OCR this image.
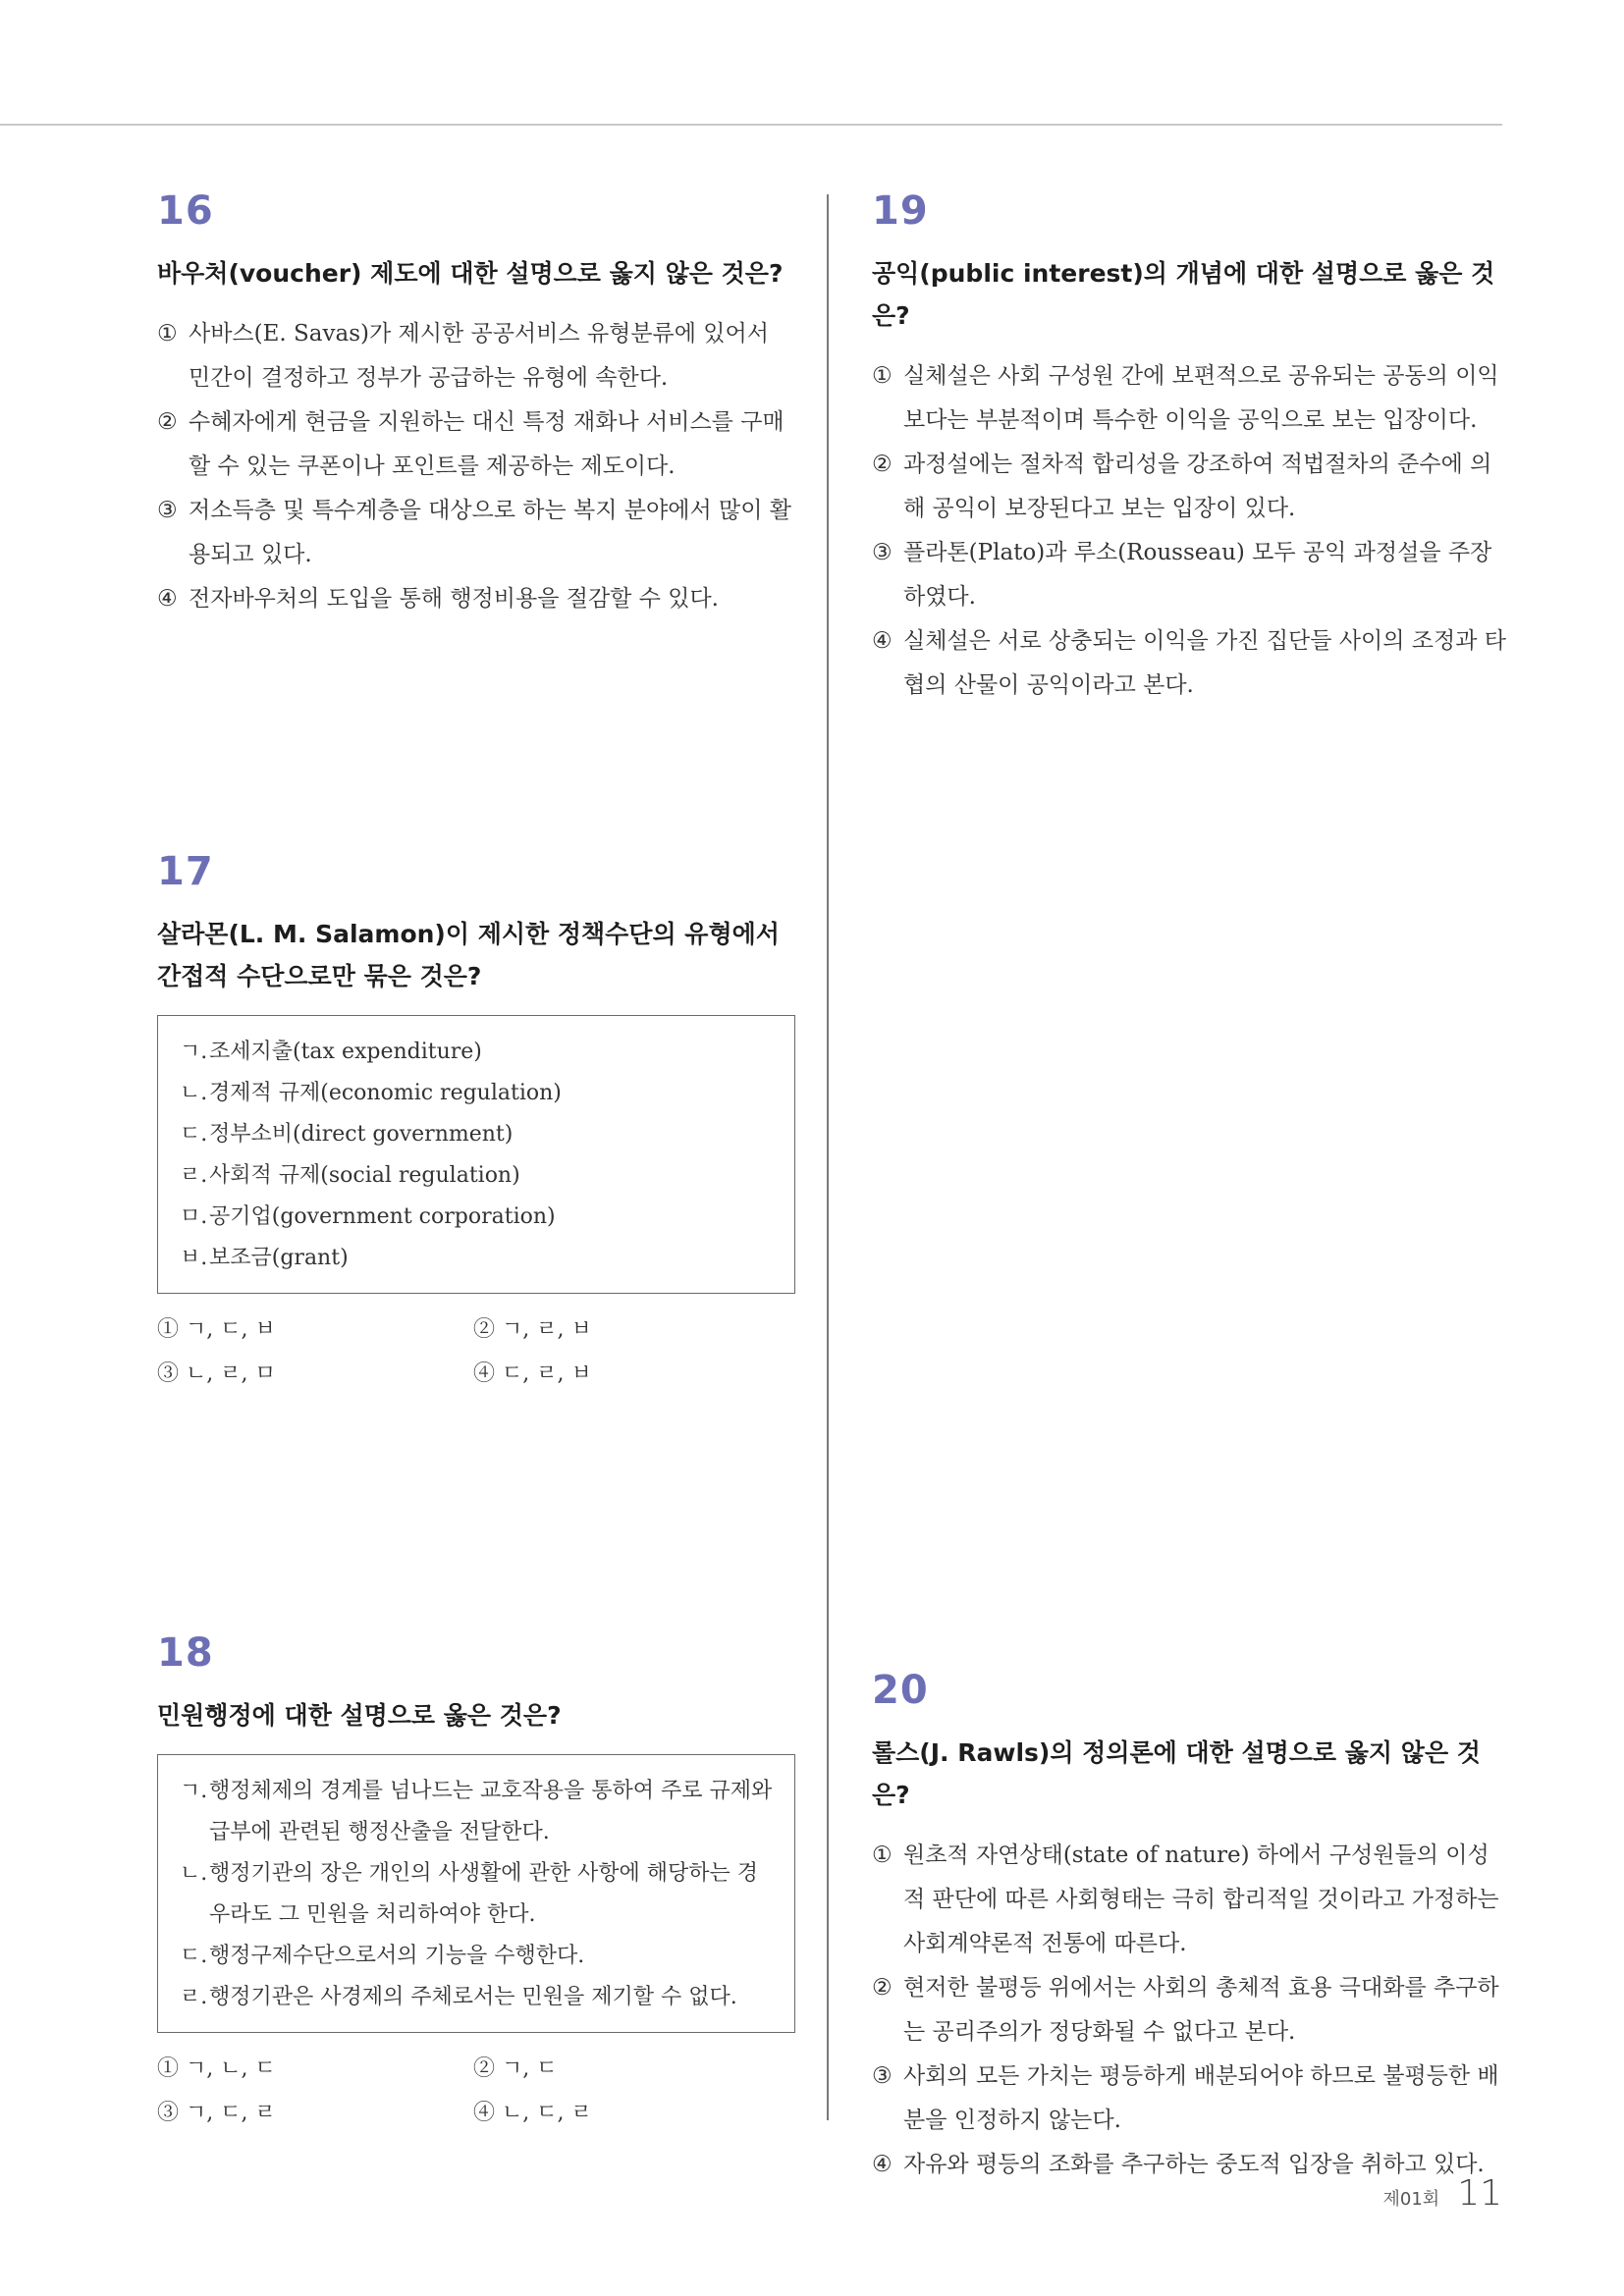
16
바우처(voucher) 제도에 대한 설명으로 옳지 않은 것은?
① 사바스(E. Savas)가 제시한 공공서비스 유형분류에 있어서 민간이 결정하고 정부가 공급하는 유형에 속한다.
② 수혜자에게 현금을 지원하는 대신 특정 재화나 서비스를 구매할 수 있는 쿠폰이나 포인트를 제공하는 제도이다.
③ 저소득층 및 특수계층을 대상으로 하는 복지 분야에서 많이 활용되고 있다.
④ 전자바우처의 도입을 통해 행정비용을 절감할 수 있다.
17
살라몬(L. M. Salamon)이 제시한 정책수단의 유형에서 간접적 수단으로만 묶은 것은?
ㄱ. 조세지출(tax expenditure)
ㄴ. 경제적 규제(economic regulation)
ㄷ. 정부소비(direct government)
ㄹ. 사회적 규제(social regulation)
ㅁ. 공기업(government corporation)
ㅂ. 보조금(grant)
① ㄱ, ㄷ, ㅂ	② ㄱ, ㄹ, ㅂ
③ ㄴ, ㄹ, ㅁ	④ ㄷ, ㄹ, ㅂ
18
민원행정에 대한 설명으로 옳은 것은?
ㄱ. 행정체제의 경계를 넘나드는 교호작용을 통하여 주로 규제와 급부에 관련된 행정산출을 전달한다.
ㄴ. 행정기관의 장은 개인의 사생활에 관한 사항에 해당하는 경우라도 그 민원을 처리하여야 한다.
ㄷ. 행정구제수단으로서의 기능을 수행한다.
ㄹ. 행정기관은 사경제의 주체로서는 민원을 제기할 수 없다.
① ㄱ, ㄴ, ㄷ	② ㄱ, ㄷ
③ ㄱ, ㄷ, ㄹ	④ ㄴ, ㄷ, ㄹ
19
공익(public interest)의 개념에 대한 설명으로 옳은 것은?
① 실체설은 사회 구성원 간에 보편적으로 공유되는 공동의 이익보다는 부분적이며 특수한 이익을 공익으로 보는 입장이다.
② 과정설에는 절차적 합리성을 강조하여 적법절차의 준수에 의해 공익이 보장된다고 보는 입장이 있다.
③ 플라톤(Plato)과 루소(Rousseau) 모두 공익 과정설을 주장하였다.
④ 실체설은 서로 상충되는 이익을 가진 집단들 사이의 조정과 타협의 산물이 공익이라고 본다.
20
롤스(J. Rawls)의 정의론에 대한 설명으로 옳지 않은 것은?
① 원초적 자연상태(state of nature) 하에서 구성원들의 이성적 판단에 따른 사회형태는 극히 합리적일 것이라고 가정하는 사회계약론적 전통에 따른다.
② 현저한 불평등 위에서는 사회의 총체적 효용 극대화를 추구하는 공리주의가 정당화될 수 없다고 본다.
③ 사회의 모든 가치는 평등하게 배분되어야 하므로 불평등한 배분을 인정하지 않는다.
④ 자유와 평등의 조화를 추구하는 중도적 입장을 취하고 있다.
제01회 11
